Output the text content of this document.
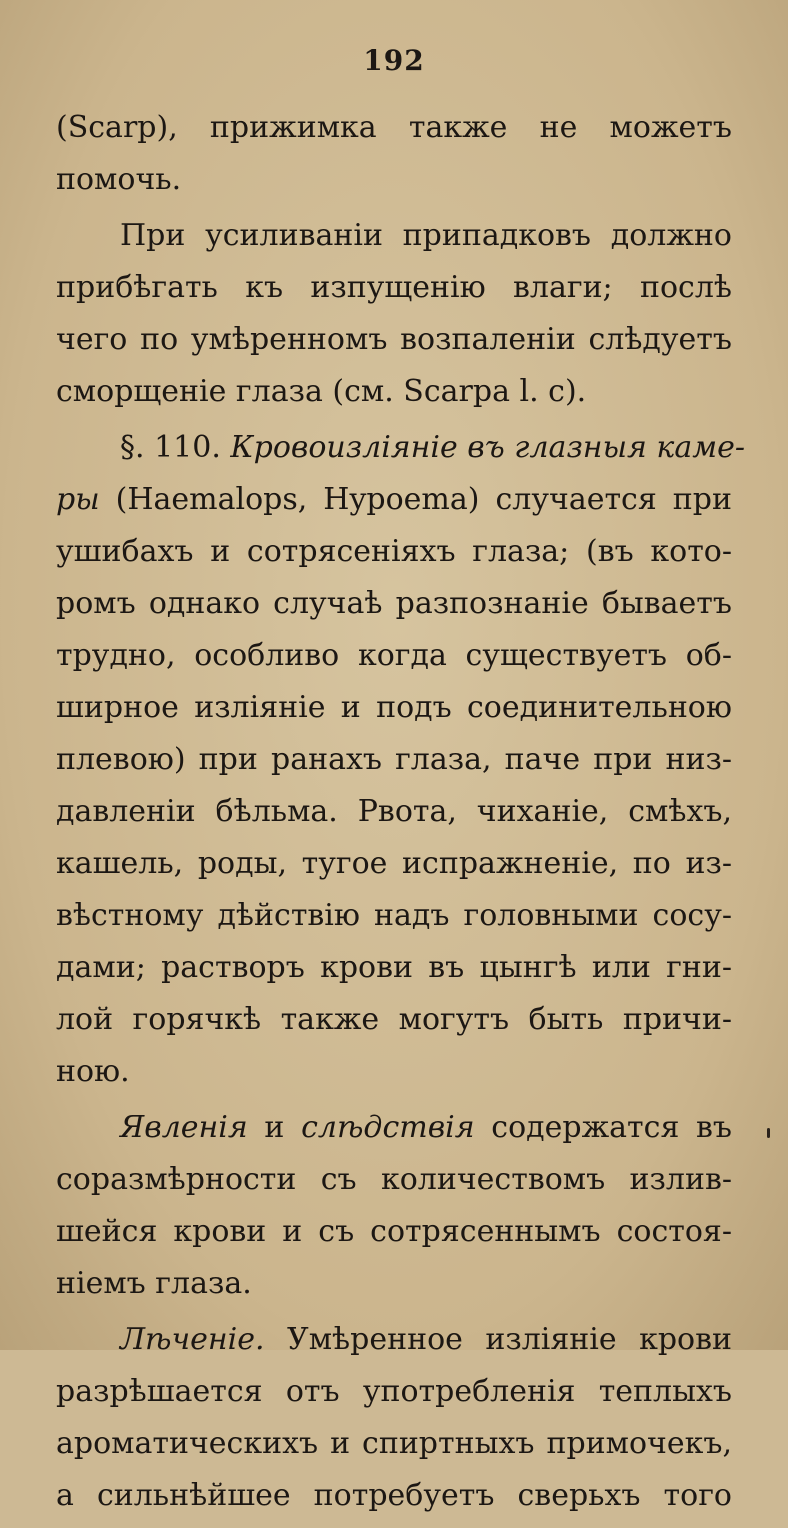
192
(Scarp), прижимка также не можетъ
помочь.
При усиливаніи припадковъ должно
прибѣгать къ изпущенію влаги; послѣ
чего по умѣренномъ возпаленіи слѣдуетъ
сморщеніе глаза (см. Scarpa l. c).
§. 110. Кровоизліяніе въ глазныя каме-
ры (Haemalops, Hypoema) случается при
ушибахъ и сотрясеніяхъ глаза; (въ кото-
ромъ однако случаѣ разпознаніе бываетъ
трудно, особливо когда существуетъ об-
ширное изліяніе и подъ соединительною
плевою) при ранахъ глаза, паче при низ-
давленіи бѣльма. Рвота, чиханіе, смѣхъ,
кашель, роды, тугое испражненіе, по из-
вѣстному дѣйствію надъ головными сосу-
дами; растворъ крови въ цынгѣ или гни-
лой горячкѣ также могутъ быть причи-
ною.
Явленія и слѣдствія содержатся въ
соразмѣрности съ количествомъ излив-
шейся крови и съ сотрясеннымъ состоя-
ніемъ глаза.
Лѣченіе. Умѣренное изліяніе крови
разрѣшается отъ употребленія теплыхъ
ароматическихъ и спиртныхъ примочекъ,
а сильнѣйшее потребуетъ сверьхъ того
